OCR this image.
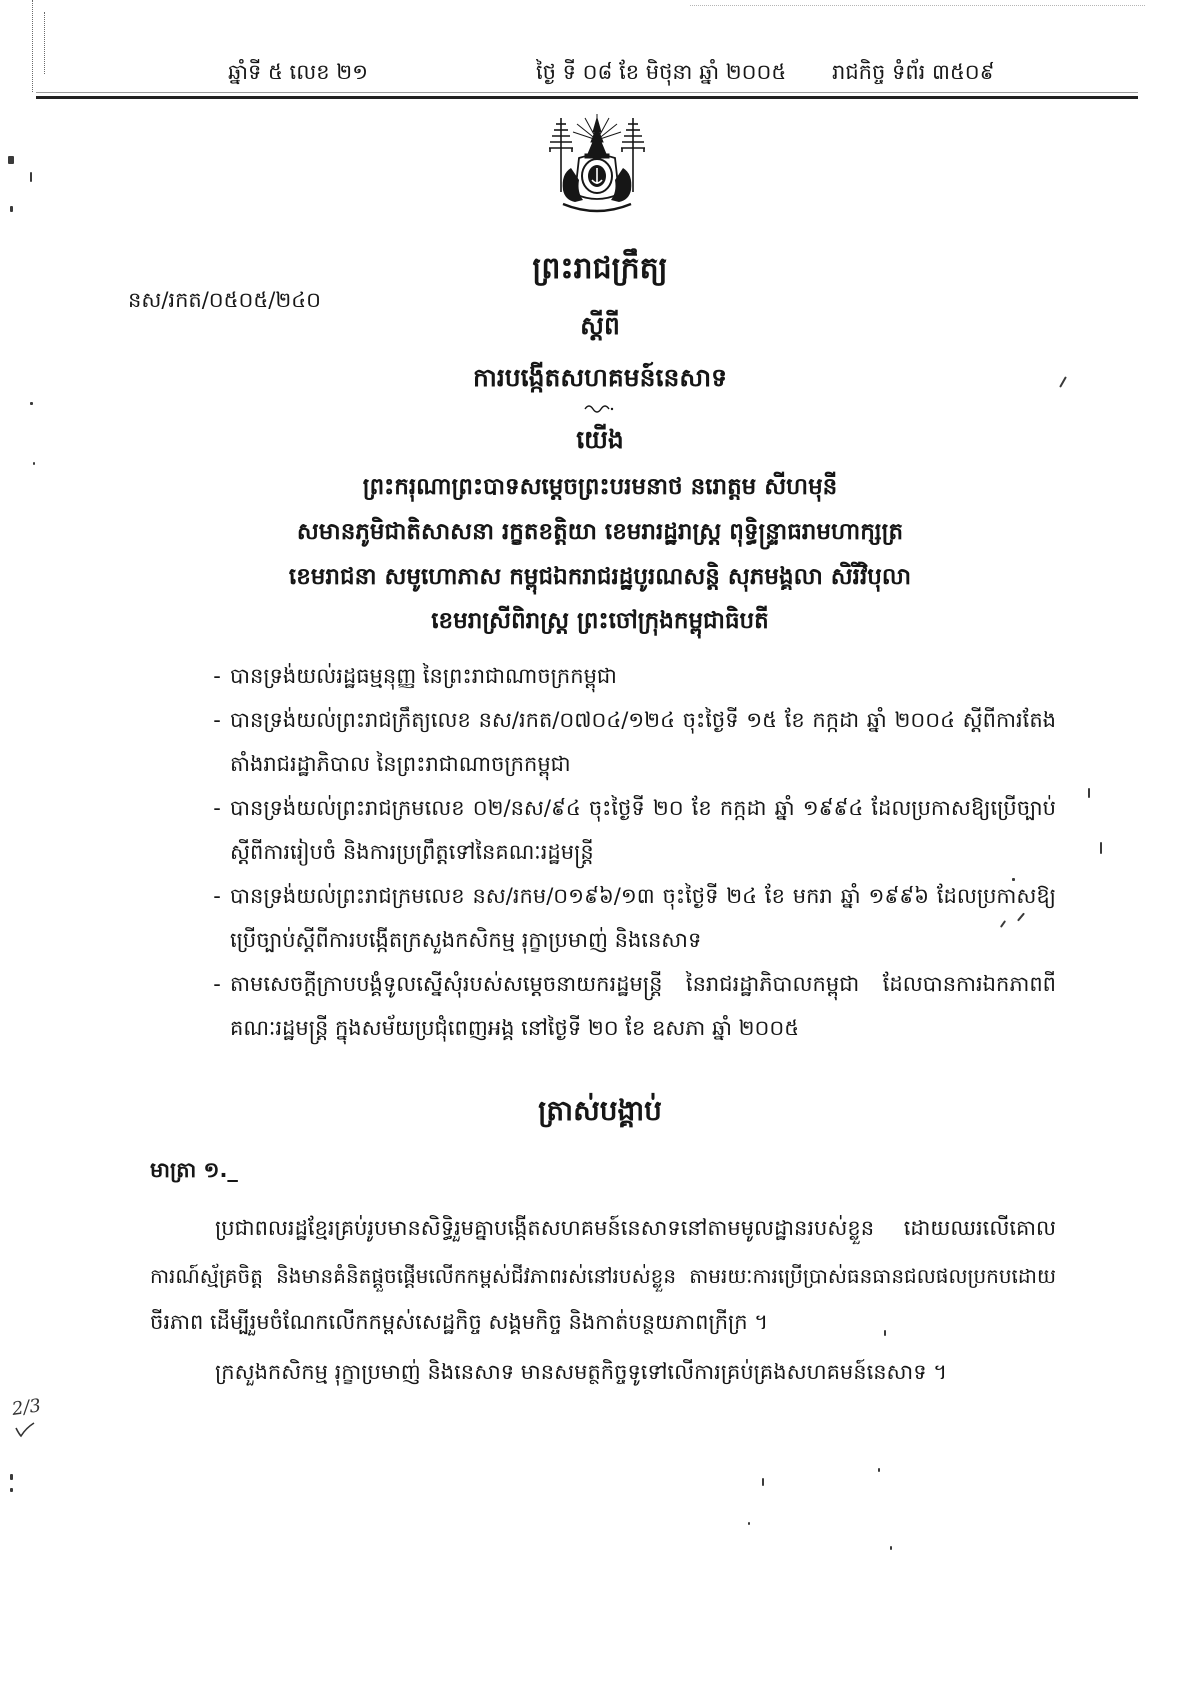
ឆ្នាំទី ៥ លេខ ២១	ថ្ងៃ ទី ០៨ ខែ មិថុនា ឆ្នាំ ២០០៥	រាជកិច្ច ទំព័រ ៣៥០៩
នស/រកត/០៥០៥/២៤០
ព្រះរាជក្រឹត្យ
ស្តីពី
ការបង្កើតសហគមន៍នេសាទ
យើង
ព្រះករុណាព្រះបាទសម្តេចព្រះបរមនាថ នរោត្តម សីហមុនី
សមានភូមិជាតិសាសនា រក្ខតខត្តិយា ខេមរារដ្ឋរាស្ត្រ ពុទ្ធិន្ទ្រាធរាមហាក្សត្រ
ខេមរាជនា សមូហោភាស កម្ពុជឯករាជរដ្ឋបូរណសន្តិ សុភមង្គលា សិរីវិបុលា
ខេមរាស្រីពិរាស្ត្រ ព្រះចៅក្រុងកម្ពុជាធិបតី
- បានទ្រង់យល់រដ្ឋធម្មនុញ្ញ នៃព្រះរាជាណាចក្រកម្ពុជា
- បានទ្រង់យល់ព្រះរាជក្រឹត្យលេខ នស/រកត/០៧០៤/១២៤ ចុះថ្ងៃទី ១៥ ខែ កក្កដា ឆ្នាំ ២០០៤ ស្តីពីការតែង
តាំងរាជរដ្ឋាភិបាល នៃព្រះរាជាណាចក្រកម្ពុជា
- បានទ្រង់យល់ព្រះរាជក្រមលេខ ០២/នស/៩៤ ចុះថ្ងៃទី ២០ ខែ កក្កដា ឆ្នាំ ១៩៩៤ ដែលប្រកាសឱ្យប្រើច្បាប់
ស្តីពីការរៀបចំ និងការប្រព្រឹត្តទៅនៃគណៈរដ្ឋមន្ត្រី
- បានទ្រង់យល់ព្រះរាជក្រមលេខ នស/រកម/០១៩៦/១៣ ចុះថ្ងៃទី ២៤ ខែ មករា ឆ្នាំ ១៩៩៦ ដែលប្រកាសឱ្យ
ប្រើច្បាប់ស្តីពីការបង្កើតក្រសួងកសិកម្ម រុក្ខាប្រមាញ់ និងនេសាទ
- តាមសេចក្តីក្រាបបង្គំទូលស្នើសុំរបស់សម្តេចនាយករដ្ឋមន្ត្រី នៃរាជរដ្ឋាភិបាលកម្ពុជា ដែលបានការឯកភាពពី
គណៈរដ្ឋមន្ត្រី ក្នុងសម័យប្រជុំពេញអង្គ នៅថ្ងៃទី ២០ ខែ ឧសភា ឆ្នាំ ២០០៥
ត្រាស់បង្គាប់
មាត្រា ១._
ប្រជាពលរដ្ឋខ្មែរគ្រប់រូបមានសិទ្ធិរួមគ្នាបង្កើតសហគមន៍នេសាទនៅតាមមូលដ្ឋានរបស់ខ្លួន ដោយឈរលើគោល
ការណ៍ស្ម័គ្រចិត្ត និងមានគំនិតផ្តួចផ្តើមលើកកម្ពស់ជីវភាពរស់នៅរបស់ខ្លួន តាមរយៈការប្រើប្រាស់ធនធានជលផលប្រកបដោយ
ចីរភាព ដើម្បីរួមចំណែកលើកកម្ពស់សេដ្ឋកិច្ច សង្គមកិច្ច និងកាត់បន្ថយភាពក្រីក្រ ។
ក្រសួងកសិកម្ម រុក្ខាប្រមាញ់ និងនេសាទ មានសមត្ថកិច្ចទូទៅលើការគ្រប់គ្រងសហគមន៍នេសាទ ។
2/3
